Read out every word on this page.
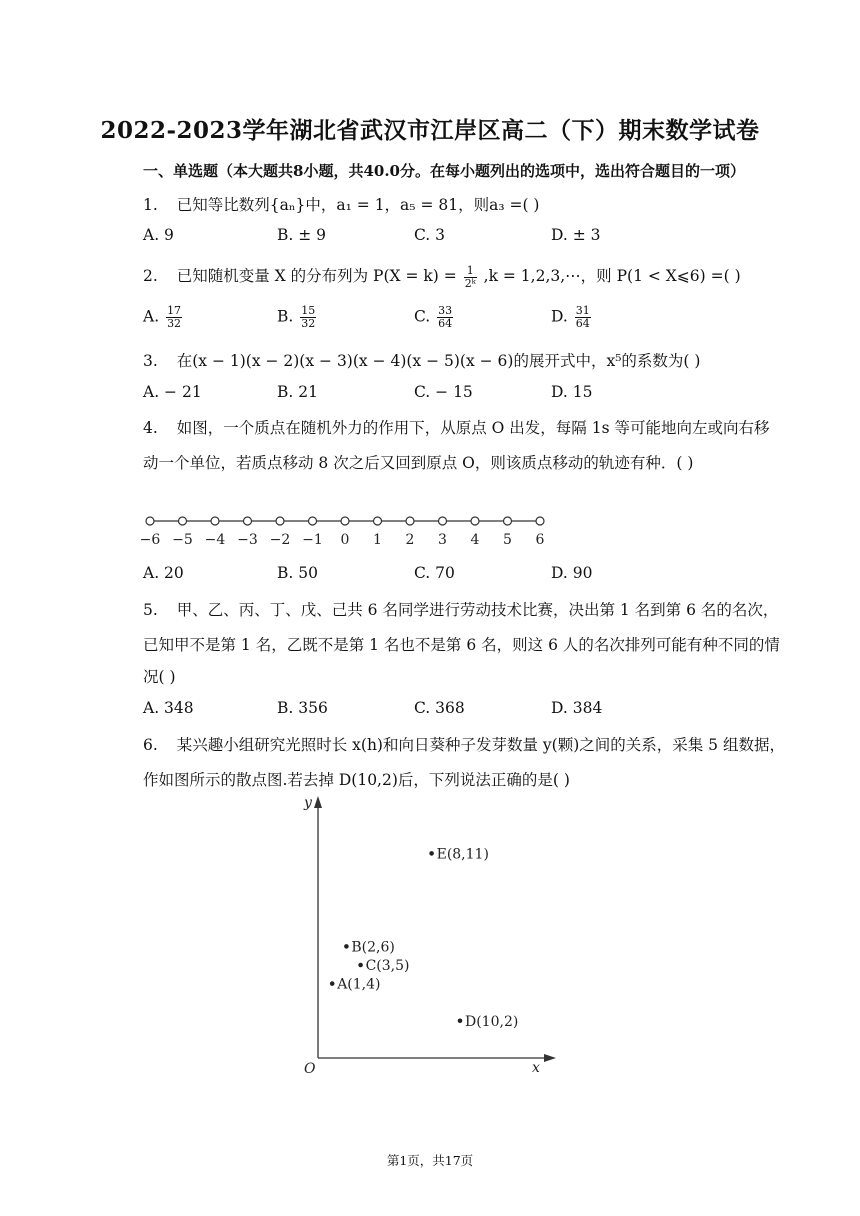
2022-2023学年湖北省武汉市江岸区高二（下）期末数学试卷
一、单选题（本大题共8小题，共40.0分。在每小题列出的选项中，选出符合题目的一项）
1. 已知等比数列{aₙ}中，a₁ = 1，a₅ = 81，则a₃ =( )
A. 9	B. ± 9	C. 3	D. ± 3
2. 已知随机变量 X 的分布列为 $P(X = k) = \frac{1}{\text{2ᵏ}} ,k$ = 1,2,3,⋯，则 P(1 < X⩽6) =( )
A. $\frac{17}{32}$	B. $\frac{15}{32}$	C. $\frac{33}{64}$	D. $\frac{31}{64}$
3. 在(x − 1)(x − 2)(x − 3)(x − 4)(x − 5)(x − 6)的展开式中，x⁵的系数为( )
A. − 21	B. 21	C. − 15	D. 15
4. 如图，一个质点在随机外力的作用下，从原点 O 出发，每隔 1s 等可能地向左或向右移
动一个单位，若质点移动 8 次之后又回到原点 O，则该质点移动的轨迹有种．( )
−6 −5 −4 −3 −2 −1 0 1 2 3 4 5 6
A. 20	B. 50	C. 70	D. 90
5. 甲、乙、丙、丁、戊、己共 6 名同学进行劳动技术比赛，决出第 1 名到第 6 名的名次，
已知甲不是第 1 名，乙既不是第 1 名也不是第 6 名，则这 6 人的名次排列可能有种不同的情
况( )
A. 348	B. 356	C. 368	D. 384
6. 某兴趣小组研究光照时长 x(h)和向日葵种子发芽数量 y(颗)之间的关系，采集 5 组数据，
作如图所示的散点图.若去掉 D(10,2)后，下列说法正确的是( )
y
x
O
A(1,4)
B(2,6)
C(3,5)
D(10,2)
E(8,11)
第1页，共17页
